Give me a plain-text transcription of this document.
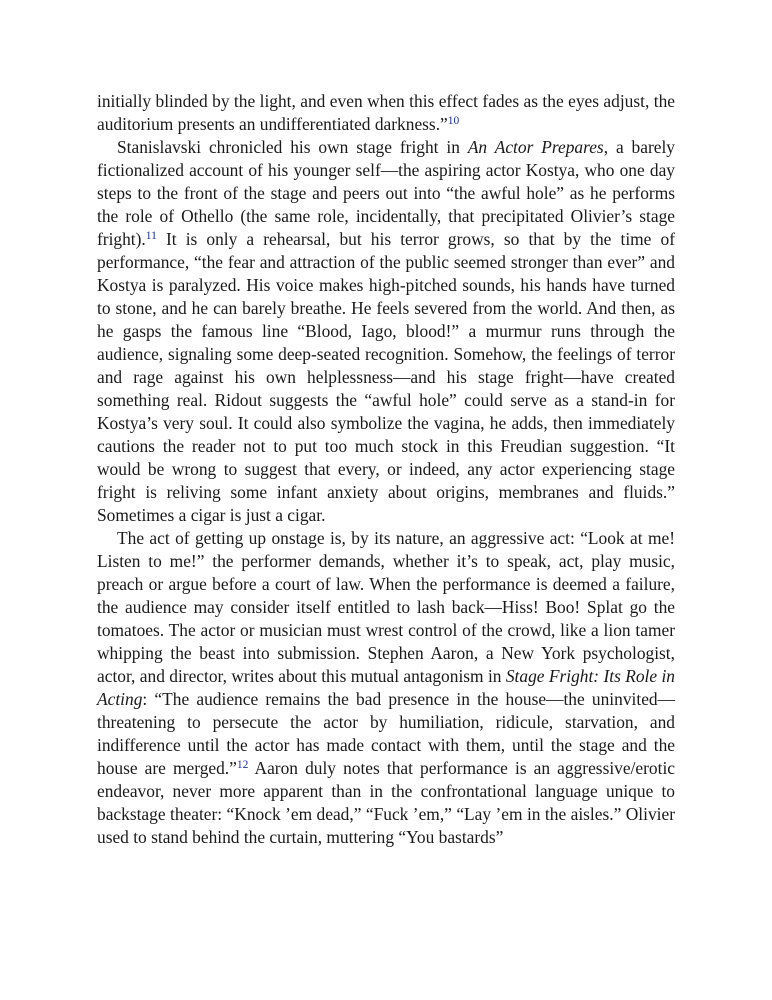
initially blinded by the light, and even when this effect fades as the eyes adjust, the auditorium presents an undifferentiated darkness.”$^{10}$

Stanislavski chronicled his own stage fright in An Actor Prepares, a barely fictionalized account of his younger self—the aspiring actor Kostya, who one day steps to the front of the stage and peers out into “the awful hole” as he performs the role of Othello (the same role, incidentally, that precipitated Olivier’s stage fright).$^{11}$ It is only a rehearsal, but his terror grows, so that by the time of performance, “the fear and attraction of the public seemed stronger than ever” and Kostya is paralyzed. His voice makes high-pitched sounds, his hands have turned to stone, and he can barely breathe. He feels severed from the world. And then, as he gasps the famous line “Blood, Iago, blood!” a murmur runs through the audience, signaling some deep-seated recognition. Somehow, the feelings of terror and rage against his own helplessness—and his stage fright—have created something real. Ridout suggests the “awful hole” could serve as a stand-in for Kostya’s very soul. It could also symbolize the vagina, he adds, then immediately cautions the reader not to put too much stock in this Freudian suggestion. “It would be wrong to suggest that every, or indeed, any actor experiencing stage fright is reliving some infant anxiety about origins, membranes and fluids.” Sometimes a cigar is just a cigar.

The act of getting up onstage is, by its nature, an aggressive act: “Look at me! Listen to me!” the performer demands, whether it’s to speak, act, play music, preach or argue before a court of law. When the performance is deemed a failure, the audience may consider itself entitled to lash back—Hiss! Boo! Splat go the tomatoes. The actor or musician must wrest control of the crowd, like a lion tamer whipping the beast into submission. Stephen Aaron, a New York psychologist, actor, and director, writes about this mutual antagonism in Stage Fright: Its Role in Acting: “The audience remains the bad presence in the house—the uninvited—threatening to persecute the actor by humiliation, ridicule, starvation, and indifference until the actor has made contact with them, until the stage and the house are merged.”$^{12}$ Aaron duly notes that performance is an aggressive/erotic endeavor, never more apparent than in the confrontational language unique to backstage theater: “Knock ’em dead,” “Fuck ’em,” “Lay ’em in the aisles.” Olivier used to stand behind the curtain, muttering “You bastards”
